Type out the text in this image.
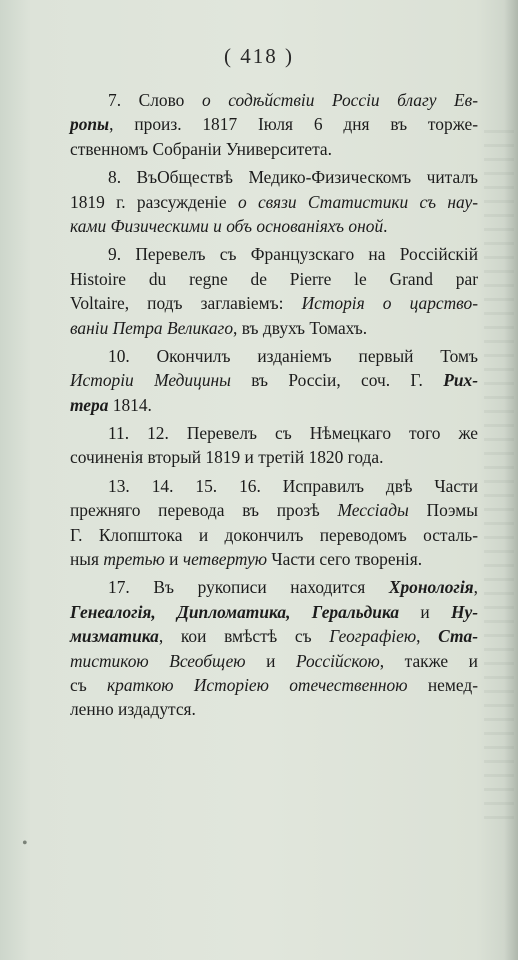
( 418 )
7. Слово о содѣйствіи Россіи благу Ев-
ропы, произ. 1817 Іюля 6 дня въ торже-
ственномъ Собраніи Университета.
8. ВъОбществѣ Медико-Физическомъ читалъ
1819 г. разсужденіе о связи Статистики съ нау-
ками Физическими и объ основаніяхъ оной.
9. Перевелъ съ Французскаго на Россійскій
Histoire du regne de Pierre le Grand par
Voltaire, подъ заглавіемъ: Исторія о царство-
ваніи Петра Великаго, въ двухъ Томахъ.
10. Окончилъ изданіемъ первый Томъ
Исторіи Медицины въ Россіи, соч. Г. Рих-
тера 1814.
11. 12. Перевелъ съ Нѣмецкаго того же
сочиненія вторый 1819 и третій 1820 года.
13. 14. 15. 16. Исправилъ двѣ Части
прежняго перевода въ прозѣ Мессіады Поэмы
Г. Клопштока и докончилъ переводомъ осталь-
ныя третью и четвертую Части сего творенія.
17. Въ рукописи находится Хронологія,
Генеалогія, Дипломатика, Геральдика и Ну-
мизматика, кои вмѣстѣ съ Географіею, Ста-
тистикою Всеобщею и Россійскою, также и
съ краткою Исторіею отечественною немед-
ленно издадутся.
•
